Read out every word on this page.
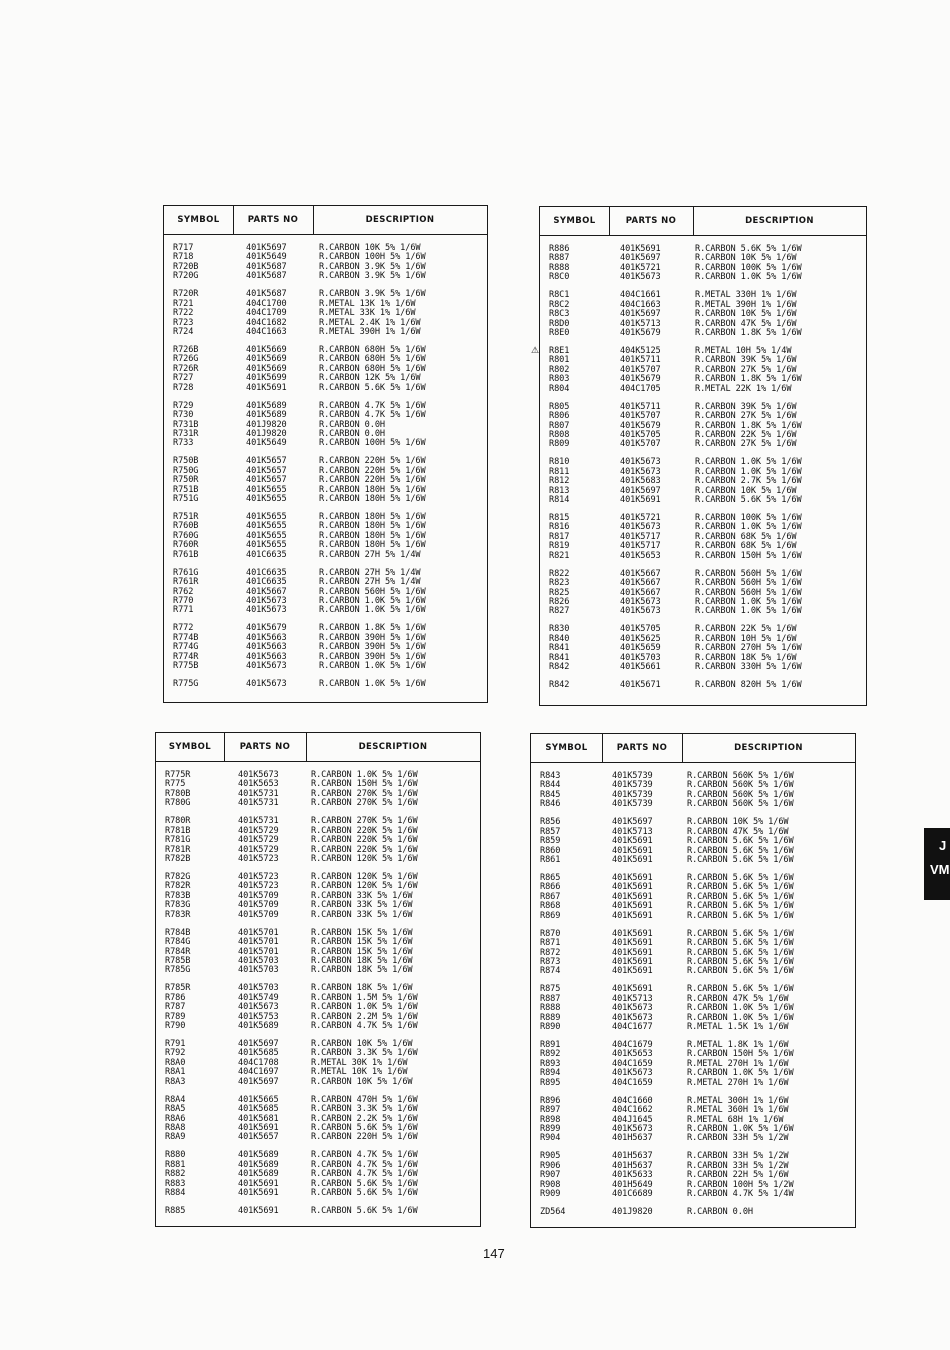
SYMBOL	PARTS NO	DESCRIPTION
R717	401K5697	R.CARBON 10K 5% 1/6W
R718	401K5649	R.CARBON 100H 5% 1/6W
R720B	401K5687	R.CARBON 3.9K 5% 1/6W
R720G	401K5687	R.CARBON 3.9K 5% 1/6W
R720R	401K5687	R.CARBON 3.9K 5% 1/6W
R721	404C1700	R.METAL 13K 1% 1/6W
R722	404C1709	R.METAL 33K 1% 1/6W
R723	404C1682	R.METAL 2.4K 1% 1/6W
R724	404C1663	R.METAL 390H 1% 1/6W
R726B	401K5669	R.CARBON 680H 5% 1/6W
R726G	401K5669	R.CARBON 680H 5% 1/6W
R726R	401K5669	R.CARBON 680H 5% 1/6W
R727	401K5699	R.CARBON 12K 5% 1/6W
R728	401K5691	R.CARBON 5.6K 5% 1/6W
R729	401K5689	R.CARBON 4.7K 5% 1/6W
R730	401K5689	R.CARBON 4.7K 5% 1/6W
R731B	401J9820	R.CARBON 0.0H
R731R	401J9820	R.CARBON 0.0H
R733	401K5649	R.CARBON 100H 5% 1/6W
R750B	401K5657	R.CARBON 220H 5% 1/6W
R750G	401K5657	R.CARBON 220H 5% 1/6W
R750R	401K5657	R.CARBON 220H 5% 1/6W
R751B	401K5655	R.CARBON 180H 5% 1/6W
R751G	401K5655	R.CARBON 180H 5% 1/6W
R751R	401K5655	R.CARBON 180H 5% 1/6W
R760B	401K5655	R.CARBON 180H 5% 1/6W
R760G	401K5655	R.CARBON 180H 5% 1/6W
R760R	401K5655	R.CARBON 180H 5% 1/6W
R761B	401C6635	R.CARBON 27H 5% 1/4W
R761G	401C6635	R.CARBON 27H 5% 1/4W
R761R	401C6635	R.CARBON 27H 5% 1/4W
R762	401K5667	R.CARBON 560H 5% 1/6W
R770	401K5673	R.CARBON 1.0K 5% 1/6W
R771	401K5673	R.CARBON 1.0K 5% 1/6W
R772	401K5679	R.CARBON 1.8K 5% 1/6W
R774B	401K5663	R.CARBON 390H 5% 1/6W
R774G	401K5663	R.CARBON 390H 5% 1/6W
R774R	401K5663	R.CARBON 390H 5% 1/6W
R775B	401K5673	R.CARBON 1.0K 5% 1/6W
R775G	401K5673	R.CARBON 1.0K 5% 1/6W
SYMBOL	PARTS NO	DESCRIPTION
R886	401K5691	R.CARBON 5.6K 5% 1/6W
R887	401K5697	R.CARBON 10K 5% 1/6W
R888	401K5721	R.CARBON 100K 5% 1/6W
R8C0	401K5673	R.CARBON 1.0K 5% 1/6W
R8C1	404C1661	R.METAL 330H 1% 1/6W
R8C2	404C1663	R.METAL 390H 1% 1/6W
R8C3	401K5697	R.CARBON 10K 5% 1/6W
R8D0	401K5713	R.CARBON 47K 5% 1/6W
R8E0	401K5679	R.CARBON 1.8K 5% 1/6W
R8E1	404K5125	R.METAL 10H 5% 1/4W
⚠
R801	401K5711	R.CARBON 39K 5% 1/6W
R802	401K5707	R.CARBON 27K 5% 1/6W
R803	401K5679	R.CARBON 1.8K 5% 1/6W
R804	404C1705	R.METAL 22K 1% 1/6W
R805	401K5711	R.CARBON 39K 5% 1/6W
R806	401K5707	R.CARBON 27K 5% 1/6W
R807	401K5679	R.CARBON 1.8K 5% 1/6W
R808	401K5705	R.CARBON 22K 5% 1/6W
R809	401K5707	R.CARBON 27K 5% 1/6W
R810	401K5673	R.CARBON 1.0K 5% 1/6W
R811	401K5673	R.CARBON 1.0K 5% 1/6W
R812	401K5683	R.CARBON 2.7K 5% 1/6W
R813	401K5697	R.CARBON 10K 5% 1/6W
R814	401K5691	R.CARBON 5.6K 5% 1/6W
R815	401K5721	R.CARBON 100K 5% 1/6W
R816	401K5673	R.CARBON 1.0K 5% 1/6W
R817	401K5717	R.CARBON 68K 5% 1/6W
R819	401K5717	R.CARBON 68K 5% 1/6W
R821	401K5653	R.CARBON 150H 5% 1/6W
R822	401K5667	R.CARBON 560H 5% 1/6W
R823	401K5667	R.CARBON 560H 5% 1/6W
R825	401K5667	R.CARBON 560H 5% 1/6W
R826	401K5673	R.CARBON 1.0K 5% 1/6W
R827	401K5673	R.CARBON 1.0K 5% 1/6W
R830	401K5705	R.CARBON 22K 5% 1/6W
R840	401K5625	R.CARBON 10H 5% 1/6W
R841	401K5659	R.CARBON 270H 5% 1/6W
R841	401K5703	R.CARBON 18K 5% 1/6W
R842	401K5661	R.CARBON 330H 5% 1/6W
R842	401K5671	R.CARBON 820H 5% 1/6W
SYMBOL	PARTS NO	DESCRIPTION
R775R	401K5673	R.CARBON 1.0K 5% 1/6W
R775	401K5653	R.CARBON 150H 5% 1/6W
R780B	401K5731	R.CARBON 270K 5% 1/6W
R780G	401K5731	R.CARBON 270K 5% 1/6W
R780R	401K5731	R.CARBON 270K 5% 1/6W
R781B	401K5729	R.CARBON 220K 5% 1/6W
R781G	401K5729	R.CARBON 220K 5% 1/6W
R781R	401K5729	R.CARBON 220K 5% 1/6W
R782B	401K5723	R.CARBON 120K 5% 1/6W
R782G	401K5723	R.CARBON 120K 5% 1/6W
R782R	401K5723	R.CARBON 120K 5% 1/6W
R783B	401K5709	R.CARBON 33K 5% 1/6W
R783G	401K5709	R.CARBON 33K 5% 1/6W
R783R	401K5709	R.CARBON 33K 5% 1/6W
R784B	401K5701	R.CARBON 15K 5% 1/6W
R784G	401K5701	R.CARBON 15K 5% 1/6W
R784R	401K5701	R.CARBON 15K 5% 1/6W
R785B	401K5703	R.CARBON 18K 5% 1/6W
R785G	401K5703	R.CARBON 18K 5% 1/6W
R785R	401K5703	R.CARBON 18K 5% 1/6W
R786	401K5749	R.CARBON 1.5M 5% 1/6W
R787	401K5673	R.CARBON 1.0K 5% 1/6W
R789	401K5753	R.CARBON 2.2M 5% 1/6W
R790	401K5689	R.CARBON 4.7K 5% 1/6W
R791	401K5697	R.CARBON 10K 5% 1/6W
R792	401K5685	R.CARBON 3.3K 5% 1/6W
R8A0	404C1708	R.METAL 30K 1% 1/6W
R8A1	404C1697	R.METAL 10K 1% 1/6W
R8A3	401K5697	R.CARBON 10K 5% 1/6W
R8A4	401K5665	R.CARBON 470H 5% 1/6W
R8A5	401K5685	R.CARBON 3.3K 5% 1/6W
R8A6	401K5681	R.CARBON 2.2K 5% 1/6W
R8A8	401K5691	R.CARBON 5.6K 5% 1/6W
R8A9	401K5657	R.CARBON 220H 5% 1/6W
R880	401K5689	R.CARBON 4.7K 5% 1/6W
R881	401K5689	R.CARBON 4.7K 5% 1/6W
R882	401K5689	R.CARBON 4.7K 5% 1/6W
R883	401K5691	R.CARBON 5.6K 5% 1/6W
R884	401K5691	R.CARBON 5.6K 5% 1/6W
R885	401K5691	R.CARBON 5.6K 5% 1/6W
SYMBOL	PARTS NO	DESCRIPTION
R843	401K5739	R.CARBON 560K 5% 1/6W
R844	401K5739	R.CARBON 560K 5% 1/6W
R845	401K5739	R.CARBON 560K 5% 1/6W
R846	401K5739	R.CARBON 560K 5% 1/6W
R856	401K5697	R.CARBON 10K 5% 1/6W
R857	401K5713	R.CARBON 47K 5% 1/6W
R859	401K5691	R.CARBON 5.6K 5% 1/6W
R860	401K5691	R.CARBON 5.6K 5% 1/6W
R861	401K5691	R.CARBON 5.6K 5% 1/6W
R865	401K5691	R.CARBON 5.6K 5% 1/6W
R866	401K5691	R.CARBON 5.6K 5% 1/6W
R867	401K5691	R.CARBON 5.6K 5% 1/6W
R868	401K5691	R.CARBON 5.6K 5% 1/6W
R869	401K5691	R.CARBON 5.6K 5% 1/6W
R870	401K5691	R.CARBON 5.6K 5% 1/6W
R871	401K5691	R.CARBON 5.6K 5% 1/6W
R872	401K5691	R.CARBON 5.6K 5% 1/6W
R873	401K5691	R.CARBON 5.6K 5% 1/6W
R874	401K5691	R.CARBON 5.6K 5% 1/6W
R875	401K5691	R.CARBON 5.6K 5% 1/6W
R887	401K5713	R.CARBON 47K 5% 1/6W
R888	401K5673	R.CARBON 1.0K 5% 1/6W
R889	401K5673	R.CARBON 1.0K 5% 1/6W
R890	404C1677	R.METAL 1.5K 1% 1/6W
R891	404C1679	R.METAL 1.8K 1% 1/6W
R892	401K5653	R.CARBON 150H 5% 1/6W
R893	404C1659	R.METAL 270H 1% 1/6W
R894	401K5673	R.CARBON 1.0K 5% 1/6W
R895	404C1659	R.METAL 270H 1% 1/6W
R896	404C1660	R.METAL 300H 1% 1/6W
R897	404C1662	R.METAL 360H 1% 1/6W
R898	404J1645	R.METAL 68H 1% 1/6W
R899	401K5673	R.CARBON 1.0K 5% 1/6W
R904	401H5637	R.CARBON 33H 5% 1/2W
R905	401H5637	R.CARBON 33H 5% 1/2W
R906	401H5637	R.CARBON 33H 5% 1/2W
R907	401K5633	R.CARBON 22H 5% 1/6W
R908	401H5649	R.CARBON 100H 5% 1/2W
R909	401C6689	R.CARBON 4.7K 5% 1/4W
ZD564	401J9820	R.CARBON 0.0H
147
J
VM
